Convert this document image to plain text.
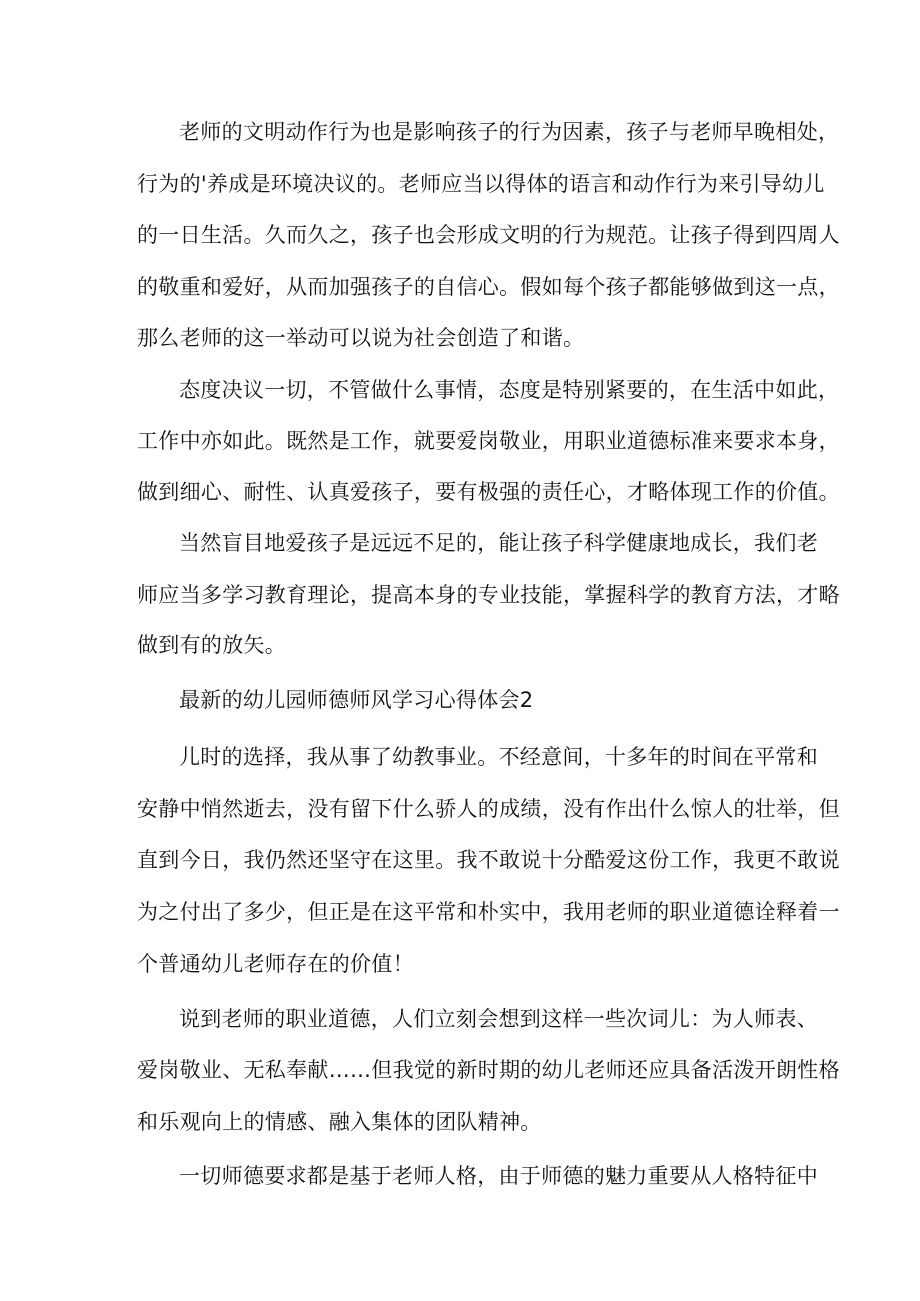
老师的文明动作行为也是影响孩子的行为因素，孩子与老师早晚相处，
行为的'养成是环境决议的。老师应当以得体的语言和动作行为来引导幼儿
的一日生活。久而久之，孩子也会形成文明的行为规范。让孩子得到四周人
的敬重和爱好，从而加强孩子的自信心。假如每个孩子都能够做到这一点，
那么老师的这一举动可以说为社会创造了和谐。
态度决议一切，不管做什么事情，态度是特别紧要的，在生活中如此，
工作中亦如此。既然是工作，就要爱岗敬业，用职业道德标准来要求本身，
做到细心、耐性、认真爱孩子，要有极强的责任心，才略体现工作的价值。
当然盲目地爱孩子是远远不足的，能让孩子科学健康地成长，我们老
师应当多学习教育理论，提高本身的专业技能，掌握科学的教育方法，才略
做到有的放矢。
最新的幼儿园师德师风学习心得体会2
儿时的选择，我从事了幼教事业。不经意间，十多年的时间在平常和
安静中悄然逝去，没有留下什么骄人的成绩，没有作出什么惊人的壮举，但
直到今日，我仍然还坚守在这里。我不敢说十分酷爱这份工作，我更不敢说
为之付出了多少，但正是在这平常和朴实中，我用老师的职业道德诠释着一
个普通幼儿老师存在的价值！
说到老师的职业道德，人们立刻会想到这样一些次词儿：为人师表、
爱岗敬业、无私奉献……但我觉的新时期的幼儿老师还应具备活泼开朗性格
和乐观向上的情感、融入集体的团队精神。
一切师德要求都是基于老师人格，由于师德的魅力重要从人格特征中
